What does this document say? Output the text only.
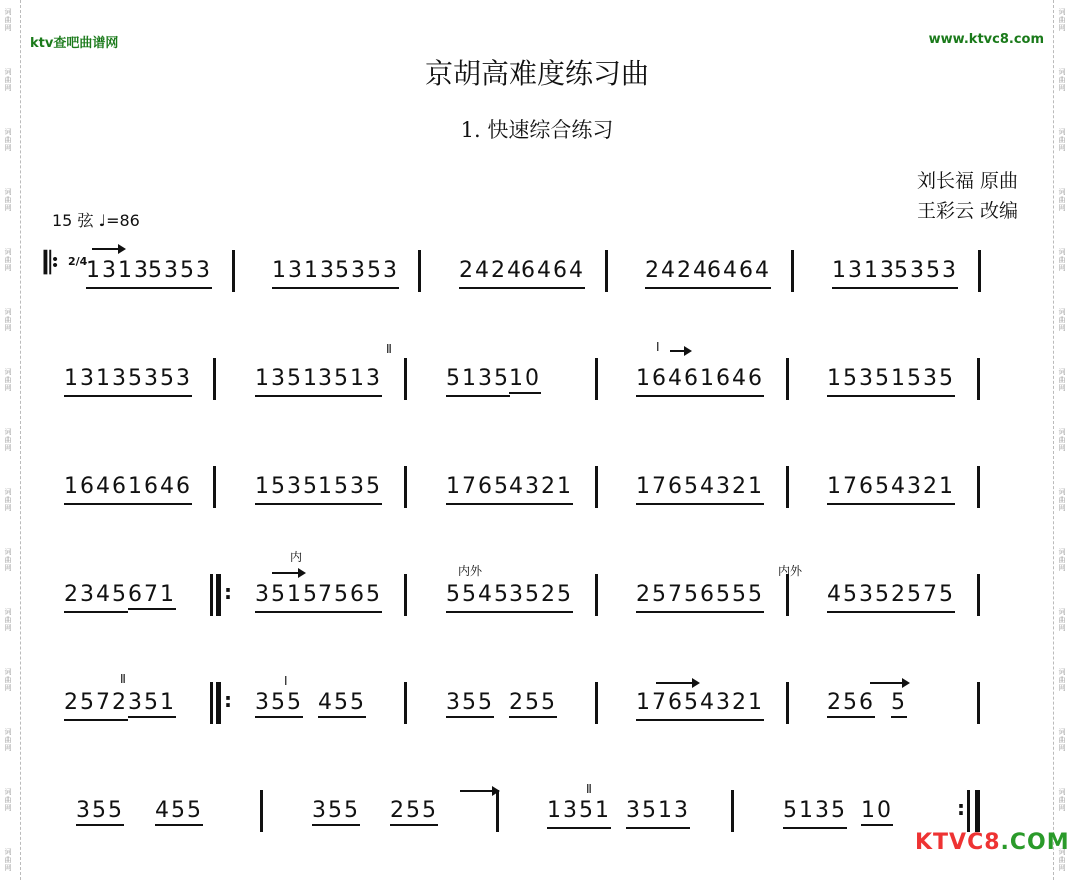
词曲网
词曲网
词曲网
词曲网
词曲网
词曲网
词曲网
词曲网
词曲网
词曲网
词曲网
词曲网
词曲网
词曲网
词曲网
词曲网
词曲网
词曲网
词曲网
词曲网
词曲网
词曲网
词曲网
词曲网
词曲网
词曲网
词曲网
词曲网
词曲网
词曲网
ktv查吧曲谱网	www.ktvc8.com
京胡高难度练习曲
1. 快速综合练习
刘长福 原曲
王彩云 改编
15 弦 ♩=86
𝄆 2/4
1313
5353	1313 5353	2424
6464	2424
6464	1313
5353
1313 5353	1351 3513	5135 10	1646 1646	1535 1535
1646 1646	1535 1535	1765 4321	1765 4321	1765 4321
2345 671 : 3515 7565	5545 3525	2575 6555	4535 2575
2572 351 : 355 455	355 255	1765 4321	256 5
355 455	355 255	1351 3513	5135 10	:
KTVC8.COM
Ⅱ	Ⅰ
内
内外	内外
Ⅱ	Ⅰ
Ⅱ
